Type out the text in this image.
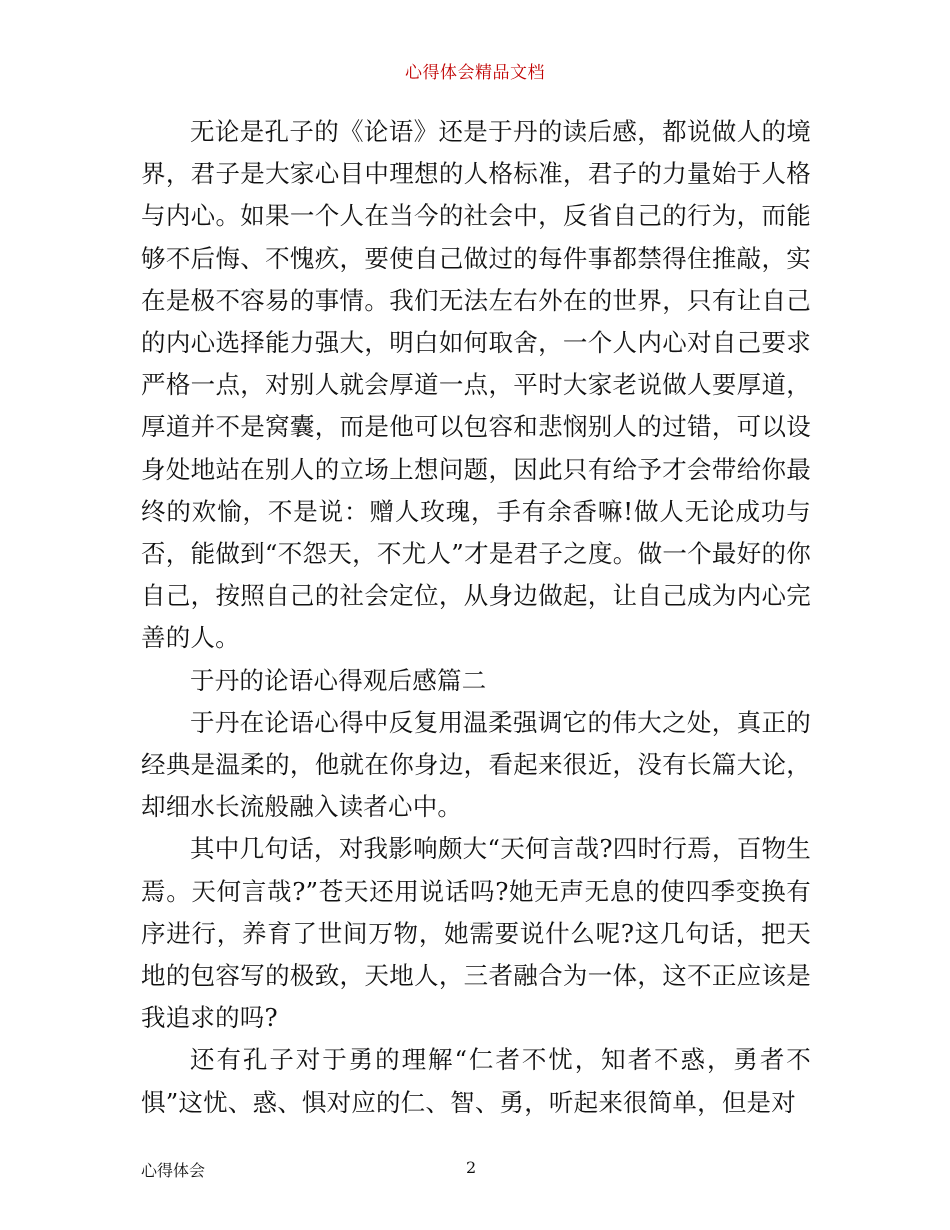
心得体会精品文档

无论是孔子的《论语》还是于丹的读后感，都说做人的境界，君子是大家心目中理想的人格标准，君子的力量始于人格与内心。如果一个人在当今的社会中，反省自己的行为，而能够不后悔、不愧疚，要使自己做过的每件事都禁得住推敲，实在是极不容易的事情。我们无法左右外在的世界，只有让自己的内心选择能力强大，明白如何取舍，一个人内心对自己要求严格一点，对别人就会厚道一点，平时大家老说做人要厚道，厚道并不是窝囊，而是他可以包容和悲悯别人的过错，可以设身处地站在别人的立场上想问题，因此只有给予才会带给你最终的欢愉，不是说：赠人玫瑰，手有余香嘛!做人无论成功与否，能做到“不怨天，不尤人”才是君子之度。做一个最好的你自己，按照自己的社会定位，从身边做起，让自己成为内心完善的人。

于丹的论语心得观后感篇二

于丹在论语心得中反复用温柔强调它的伟大之处，真正的经典是温柔的，他就在你身边，看起来很近，没有长篇大论，却细水长流般融入读者心中。

其中几句话，对我影响颇大“天何言哉?四时行焉，百物生焉。天何言哉?”苍天还用说话吗?她无声无息的使四季变换有序进行，养育了世间万物，她需要说什么呢?这几句话，把天地的包容写的极致，天地人，三者融合为一体，这不正应该是我追求的吗?

还有孔子对于勇的理解“仁者不忧，知者不惑，勇者不惧”这忧、惑、惧对应的仁、智、勇，听起来很简单，但是对

心得体会	2
